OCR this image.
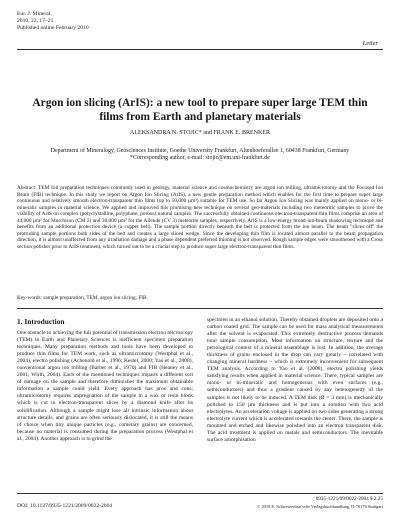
Eur. J. Mineral.
2010, 22, 17–21
Published online February 2010
Letter
Argon ion slicing (ArIS): a new tool to prepare super large TEM thin films from Earth and planetary materials
ALEKSANDRA N. STOJIC* and FRANK E. BRENKER
Department of Mineralogy, Geosciences Institute, Goethe University Frankfurt, Altenhoeferallee 1, 60438 Frankfurt, Germany
*Corresponding author, e-mail: stojic@em.uni-frankfurt.de
Abstract: TEM foil preparation techniques commonly used in geology, material science and cosmochemistry are argon ion milling, ultramicrotomy and the Focused Ion Beam (FIB) technique. In this study we report on Argon Ion Slicing (ArIS), a new gentle preparation method which enables for the first time to prepare super large continuous and relatively smooth electron-transparent thin films (up to 50,000 µm²) suitable for TEM use. So far Argon Ion Slicing was mainly applied on mono- or bi-mineralic samples in material science. We applied and improved this promising new technique on several geo-materials including two meteoritic samples to prove the viability of ArIS on complex (polycrystalline, polyphase, porous) natural samples. The successfully obtained continuous electron-transparent thin films comprise an area of 44,000 µm² for Murchison (CM 2) and 30,000 µm² for the Allende (CV 3) meteorite samples, respectively. ArIS is a low-energy broad-ion-beam shadowing technique and benefits from an additional protection device (a copper belt). The sample portion directly beneath the belt is protected from the ion beam. The beam "slices off" the protruding sample portions both sides of the belt and creates a large sliced wedge. Since the developing thin film is located almost parallel to the beam propagation direction, it is almost unaffected from any irradiation damage and a phase dependent preferred thinning is not observed. Rough sample edges were smoothened with a Cross section polisher prior to ArIS treatment, which turned out to be a crucial step to produce super large electron-transparent thin films.
Key-words: sample preparation, TEM, argon ion slicing, FIB.
1. Introduction
One obstacle to achieving the full potential of transmission electron microscopy (TEM) in Earth and Planetary Sciences is inefficient specimen preparation techniques. Many preparation methods and tools have been developed to produce thin films for TEM work, such as ultramicrotomy (Westphal et al., 2004), electro polishing (Achenold et al., 1996; Kestel, 2000; Yao et al., 2008), conventional argon ion milling (Barber et al., 1970) and FIB (Heaney et al., 2001; Wirth, 2004). Each of the mentioned techniques imparts a different sort of damage on the sample and therefore diminishes the maximum obtainable information a sample could yield. Every approach has pros and cons; ultramicrotomy requires impregnation of the sample in a wax or resin block which is cut in electron-transparent slices by a diamond knife after its solidification. Although a sample might lose all intrinsic information about structure details, and grains are often seriously dislocated, it is still the means of choice when tiny unique particles (e.g., cometary grains) are concerned, because no material is consumed during the preparation process (Westphal et al., 2004). Another approach is to grind the
specimen in an ethanol solution. Thereby obtained droplets are deposited onto a carbon coated grid. The sample can be used for mass analytical measurements after the solvent is evaporated. This extremely destructive process demands total sample consumption. Most information on structure, texture and the petrological context of a mineral assemblage is lost. In addition, the average thickness of grains enclosed in the drop can vary greatly – correlated with changing mineral hardness – which is extremely inconvenient for subsequent TEM analysis. According to Yao et al. (2008), electro polishing yields satisfying results when applied in material science. There, typical samples are mono- or bi-mineralic and homogeneous with even surfaces (e.g., semiconductors) and thus a gradient caused by any heterogeneity of the samples is not likely to be induced. A TEM disk (Ø = 3 mm) is mechanically polished to 150 µm thickness and is put into a solution with two acid electrolytes. An acceleration voltage is applied on two sides generating a strong electrolyte current which is accelerated towards the center. There, the sample is mounted and etched and likewise polished into an electron transparent disk. The acid treatment is applied on metals and semiconductors. The inevitable surface amorphisation
DOI: 10.1127/0935-1221/2009/0022-2004
0935-1221/09/0022-2004 $ 2.25
© 2010 E. Schweizerbart'sche Verlagsbuchhandlung, D-70176 Stuttgart
